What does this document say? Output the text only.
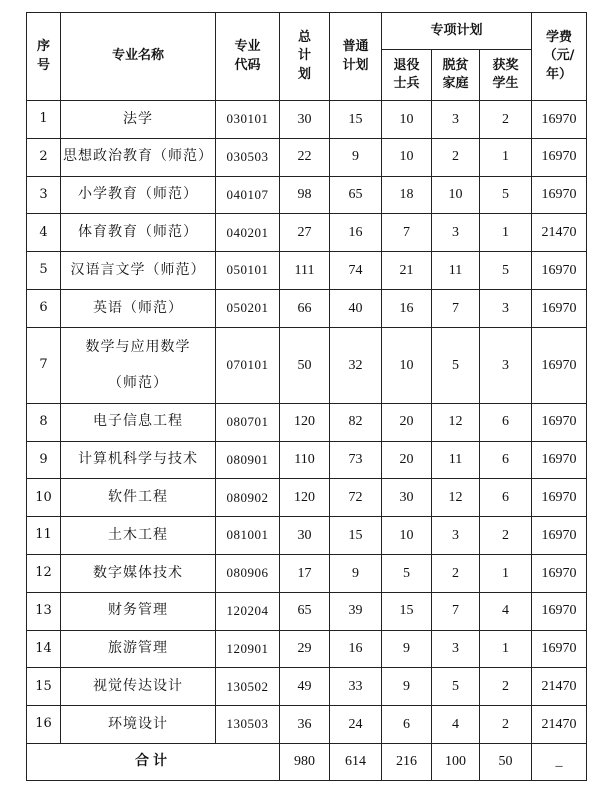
序号	专业名称	专业代码	总计划	普通计划	专项计划			学费（元/年）

					退役士兵	脱贫家庭	获奖学生	

1	法学	030101	30	15	10	3	2	16970
2	思想政治教育（师范）	030503	22	9	10	2	1	16970
3	小学教育（师范）	040107	98	65	18	10	5	16970
4	体育教育（师范）	040201	27	16	7	3	1	21470
5	汉语言文学（师范）	050101	111	74	21	11	5	16970
6	英语（师范）	050201	66	40	16	7	3	16970
7	数学与应用数学（师范）	070101	50	32	10	5	3	16970
8	电子信息工程	080701	120	82	20	12	6	16970
9	计算机科学与技术	080901	110	73	20	11	6	16970
10	软件工程	080902	120	72	30	12	6	16970
11	土木工程	081001	30	15	10	3	2	16970
12	数字媒体技术	080906	17	9	5	2	1	16970
13	财务管理	120204	65	39	15	7	4	16970
14	旅游管理	120901	29	16	9	3	1	16970
15	视觉传达设计	130502	49	33	9	5	2	21470
16	环境设计	130503	36	24	6	4	2	21470
合计			980	614	216	100	50	_
